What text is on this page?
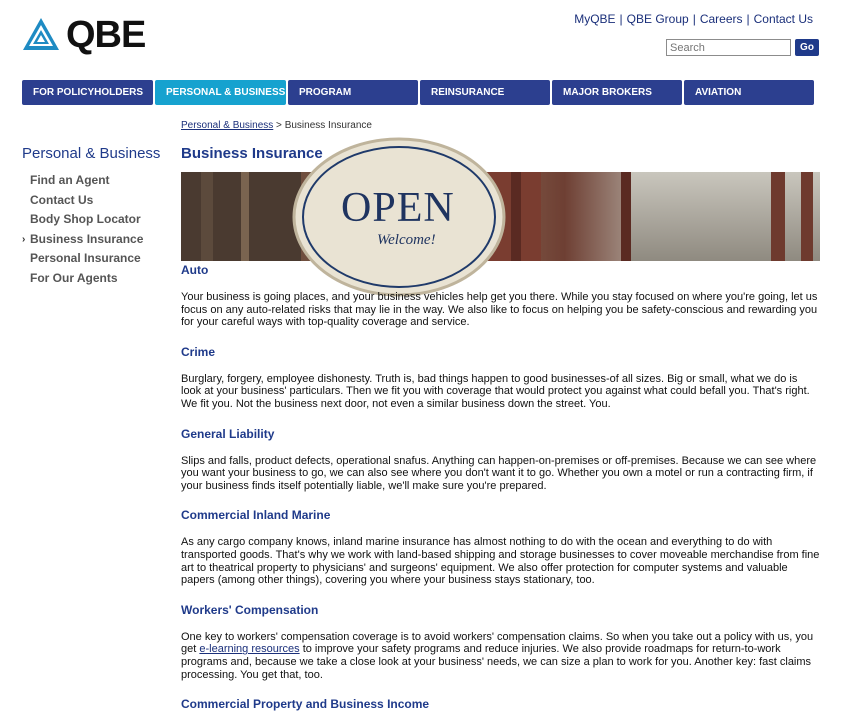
QBE	MyQBE | QBE Group | Careers | Contact Us
Search
Go
FOR POLICYHOLDERS	PERSONAL & BUSINESS	PROGRAM	REINSURANCE	MAJOR BROKERS	AVIATION
Personal & Business > Business Insurance
Personal & Business
Find an Agent
Contact Us
Body Shop Locator
› Business Insurance
Personal Insurance
For Our Agents
Business Insurance
OPEN
Welcome!
Auto

Your business is going places, and your business vehicles help get you there. While you stay focused on where you're going, let us focus on any auto-related risks that may lie in the way. We also like to focus on helping you be safety-conscious and rewarding you for your careful ways with top-quality coverage and service.

Crime

Burglary, forgery, employee dishonesty. Truth is, bad things happen to good businesses-of all sizes. Big or small, what we do is look at your business' particulars. Then we fit you with coverage that would protect you against what could befall you. That's right. We fit you. Not the business next door, not even a similar business down the street. You.

General Liability

Slips and falls, product defects, operational snafus. Anything can happen-on-premises or off-premises. Because we can see where you want your business to go, we can also see where you don't want it to go. Whether you own a motel or run a contracting firm, if your business finds itself potentially liable, we'll make sure you're prepared.

Commercial Inland Marine

As any cargo company knows, inland marine insurance has almost nothing to do with the ocean and everything to do with transported goods. That's why we work with land-based shipping and storage businesses to cover moveable merchandise from fine art to theatrical property to physicians' and surgeons' equipment. We also offer protection for computer systems and valuable papers (among other things), covering you where your business stays stationary, too.

Workers' Compensation

One key to workers' compensation coverage is to avoid workers' compensation claims. So when you take out a policy with us, you get e-learning resources to improve your safety programs and reduce injuries. We also provide roadmaps for return-to-work programs and, because we take a close look at your business' needs, we can size a plan to work for you. Another key: fast claims processing. You get that, too.

Commercial Property and Business Income
